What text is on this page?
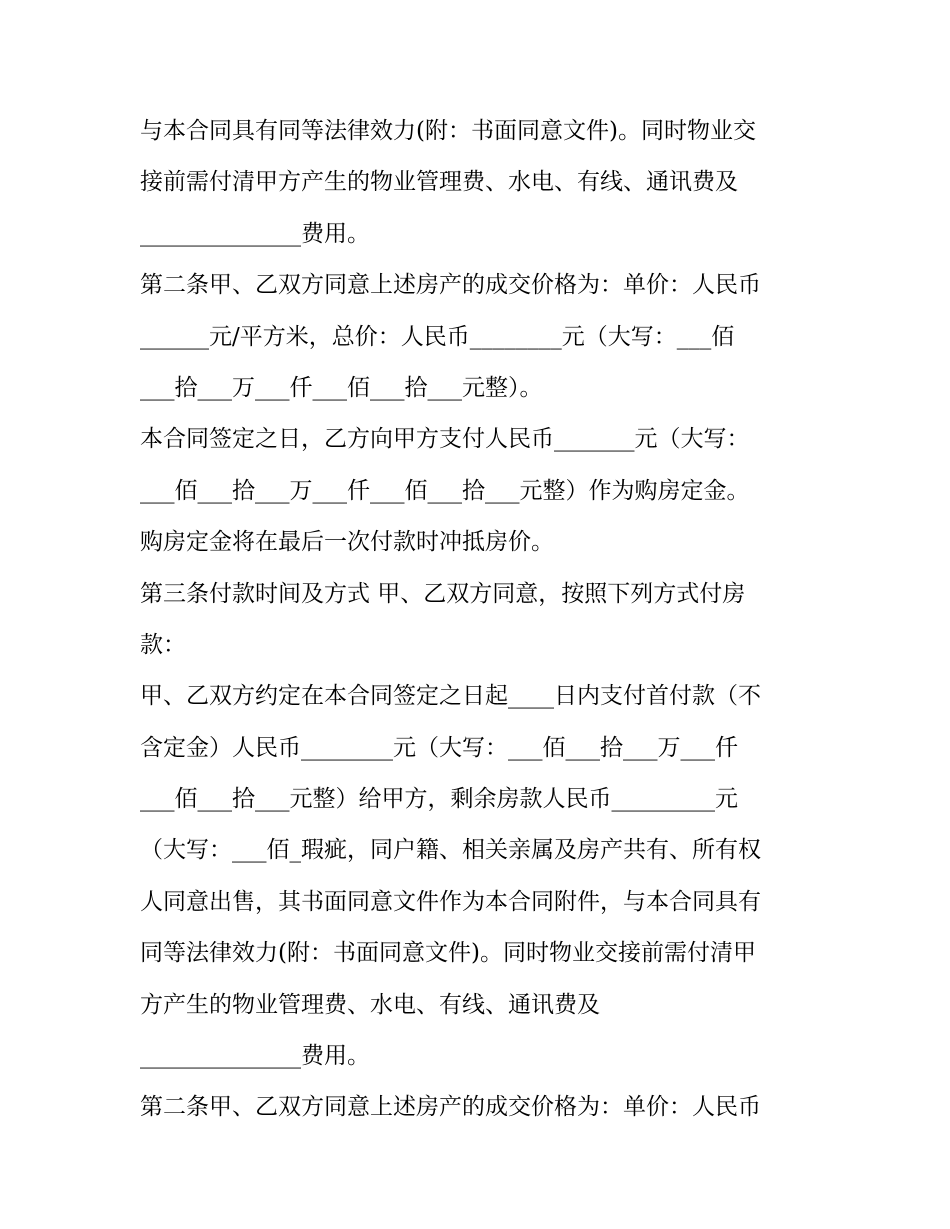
与本合同具有同等法律效力(附：书面同意文件)。同时物业交
接前需付清甲方产生的物业管理费、水电、有线、通讯费及
______________费用。
第二条甲、乙双方同意上述房产的成交价格为：单价：人民币
______元/平方米，总价：人民币________元（大写：___佰
___拾___万___仟___佰___拾___元整）。
本合同签定之日，乙方向甲方支付人民币_______元（大写：
___佰___拾___万___仟___佰___拾___元整）作为购房定金。
购房定金将在最后一次付款时冲抵房价。
第三条付款时间及方式 甲、乙双方同意，按照下列方式付房
款：
甲、乙双方约定在本合同签定之日起____日内支付首付款（不
含定金）人民币________元（大写：___佰___拾___万___仟
___佰___拾___元整）给甲方，剩余房款人民币_________元
（大写：___佰_瑕疵，同户籍、相关亲属及房产共有、所有权
人同意出售，其书面同意文件作为本合同附件，与本合同具有
同等法律效力(附：书面同意文件)。同时物业交接前需付清甲
方产生的物业管理费、水电、有线、通讯费及
______________费用。
第二条甲、乙双方同意上述房产的成交价格为：单价：人民币
